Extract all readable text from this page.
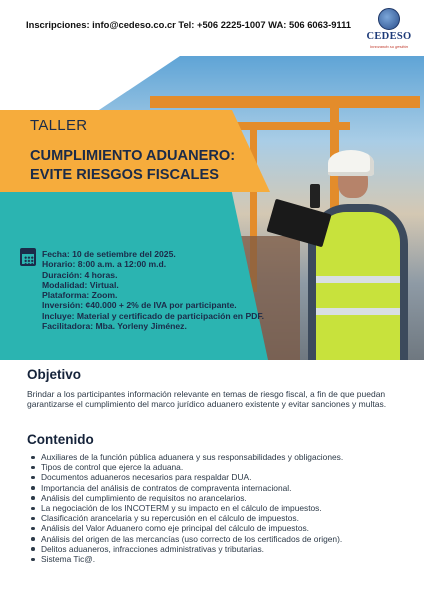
Inscripciones: info@cedeso.co.cr Tel: +506 2225-1007 WA: 506 6063-9111
CEDESO
Innovando su gestión
TALLER
CUMPLIMIENTO ADUANERO:
EVITE RIESGOS FISCALES
Fecha: 10 de setiembre del 2025.
Horario: 8:00 a.m. a 12:00 m.d.
Duración: 4 horas.
Modalidad: Virtual.
Plataforma: Zoom.
Inversión: ¢40.000 + 2% de IVA por participante.
Incluye: Material y certificado de participación en PDF.
Facilitadora: Mba. Yorleny Jiménez.
Objetivo
Brindar a los participantes información relevante en temas de riesgo fiscal, a fin de que puedan garantizarse el cumplimiento del marco jurídico aduanero existente y evitar sanciones y multas.
Contenido
Auxiliares de la función pública aduanera y sus responsabilidades y obligaciones.
Tipos de control que ejerce la aduana.
Documentos aduaneros necesarios para respaldar DUA.
Importancia del análisis de contratos de compraventa internacional.
Análisis del cumplimiento de requisitos no arancelarios.
La negociación de los INCOTERM y su impacto en el cálculo de impuestos.
Clasificación arancelaria y su repercusión en el cálculo de impuestos.
Análisis del Valor Aduanero como eje principal del cálculo de impuestos.
Análisis del origen de las mercancías (uso correcto de los certificados de origen).
Delitos aduaneros, infracciones administrativas y tributarias.
Sistema Tic@.
